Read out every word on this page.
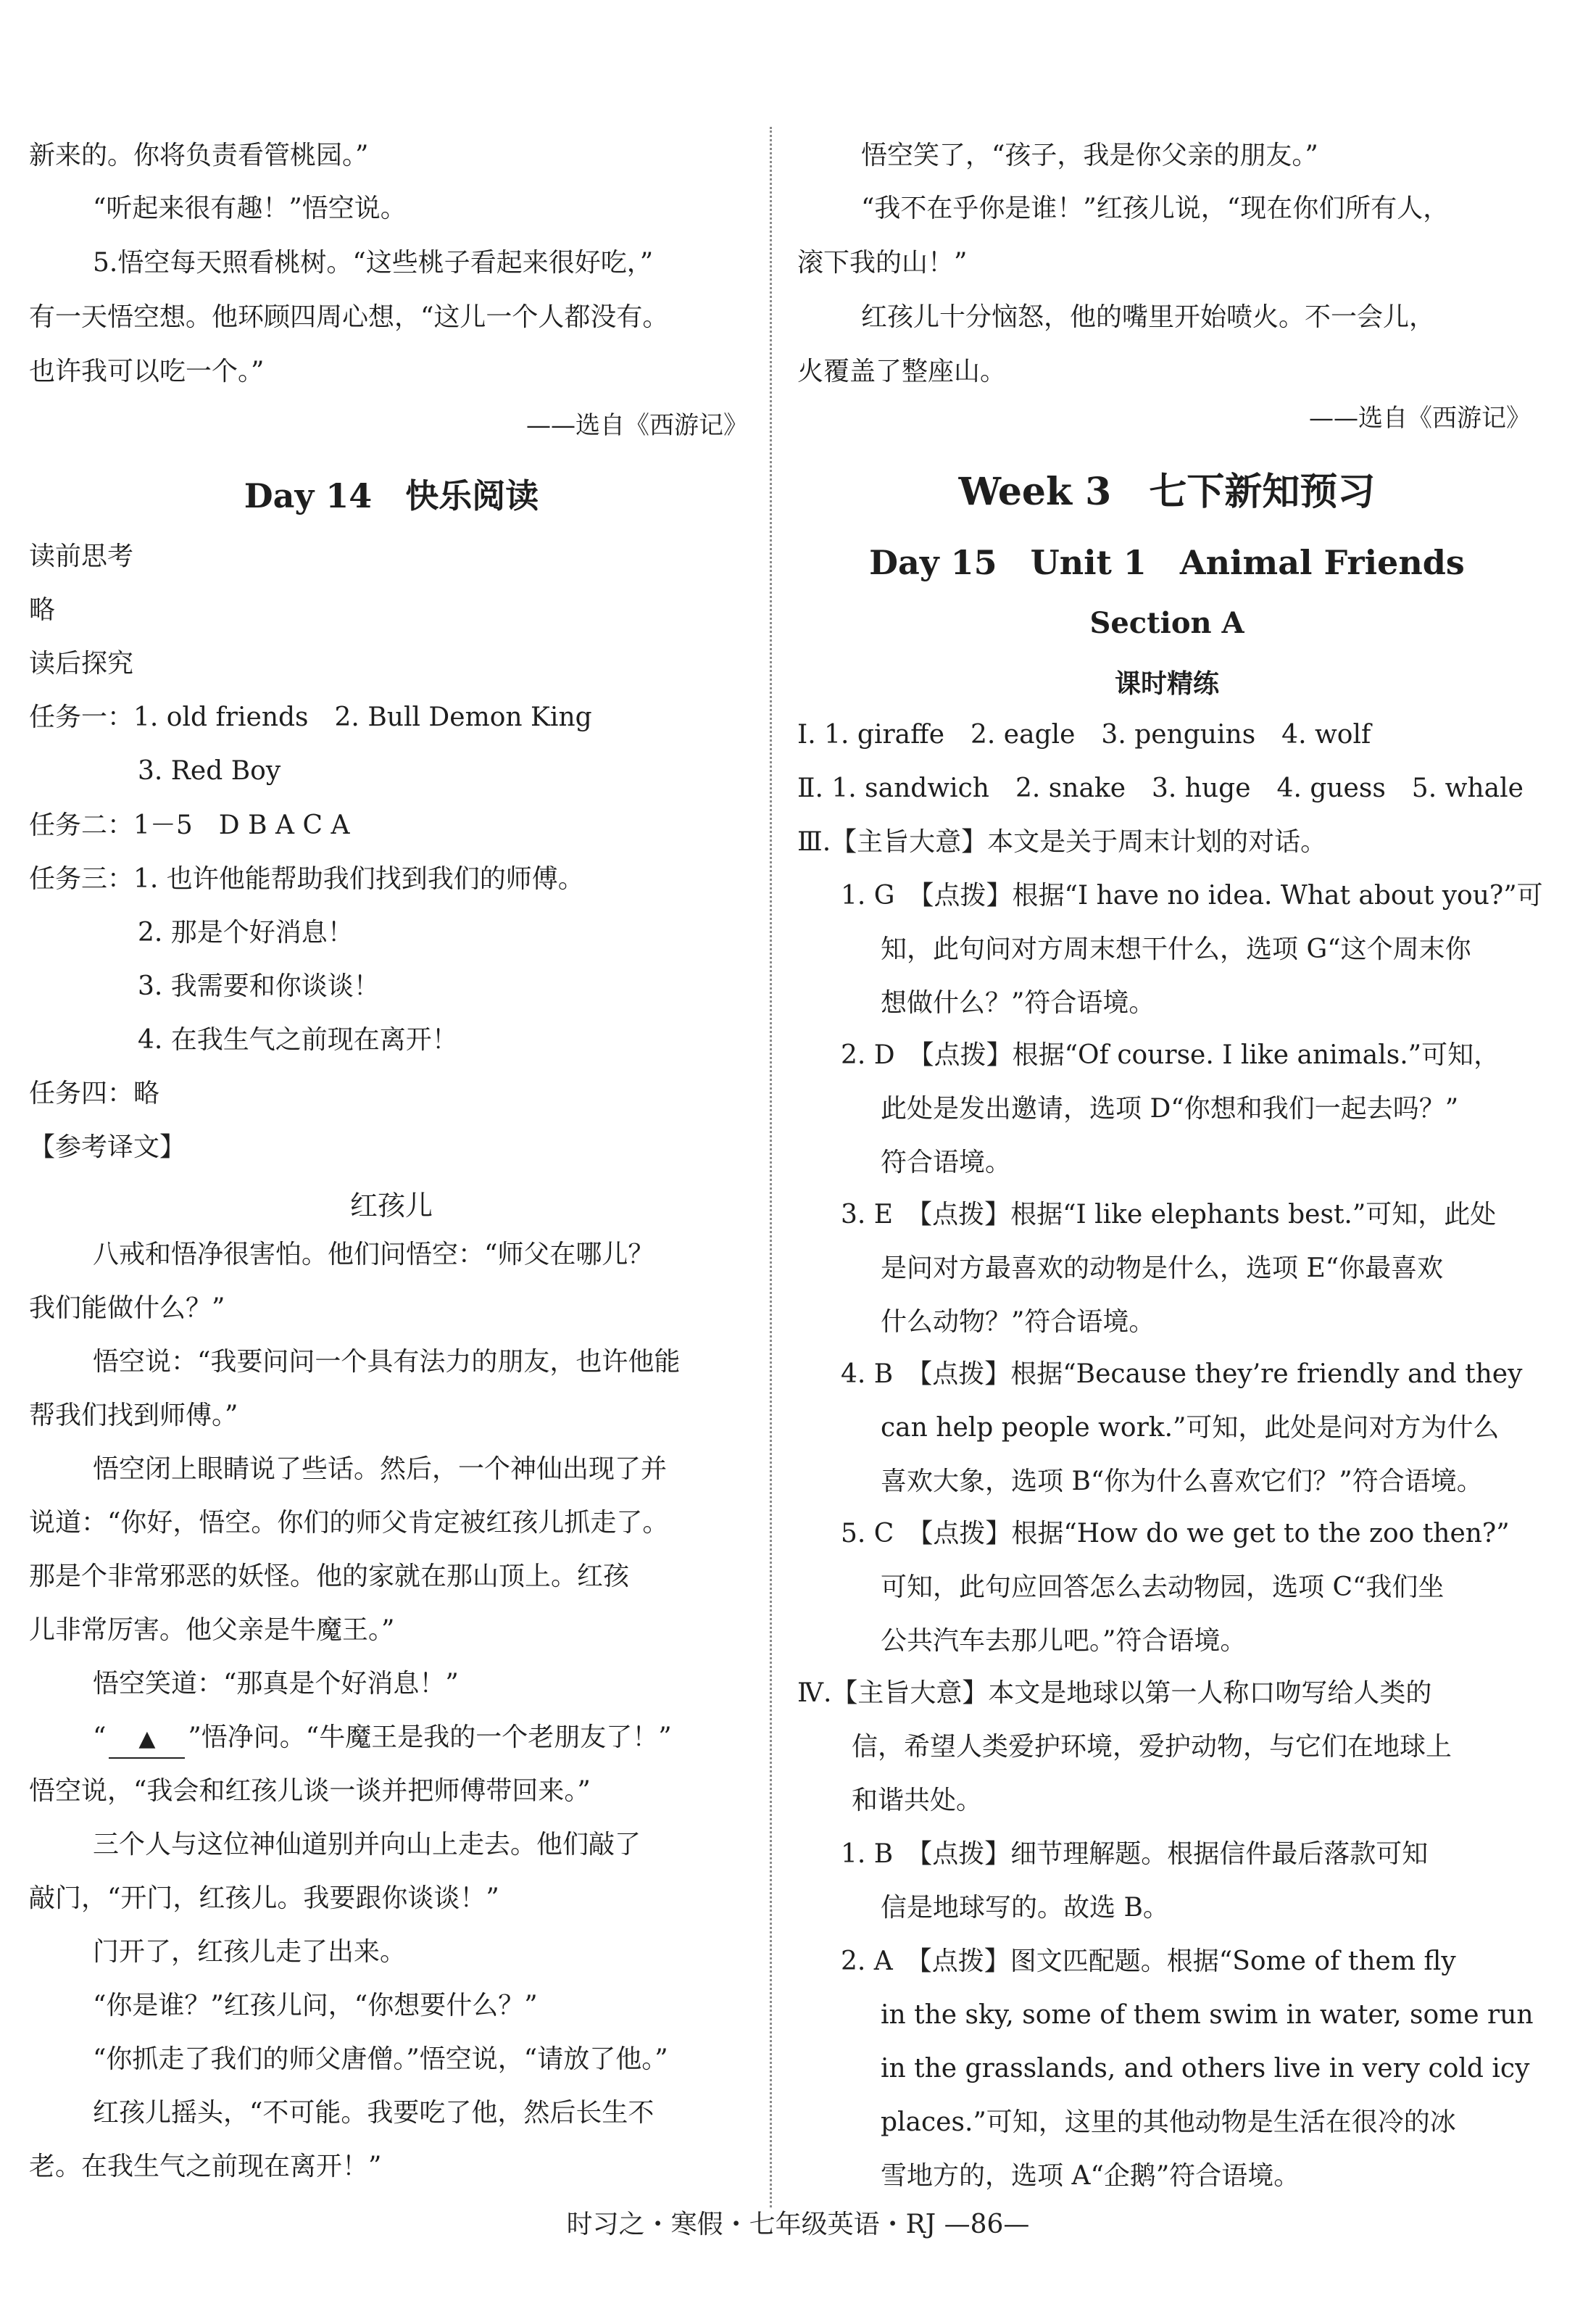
新来的。你将负责看管桃园。”
“听起来很有趣！”悟空说。
5.悟空每天照看桃树。“这些桃子看起来很好吃，”
有一天悟空想。他环顾四周心想，“这儿一个人都没有。
也许我可以吃一个。”
——选自《西游记》
Day 14　快乐阅读
读前思考
略
读后探究
任务一：1. old friends　2. Bull Demon King
3. Red Boy
任务二：1－5　D B A C A
任务三：1. 也许他能帮助我们找到我们的师傅。
2. 那是个好消息！
3. 我需要和你谈谈！
4. 在我生气之前现在离开！
任务四：略
【参考译文】
红孩儿
八戒和悟净很害怕。他们问悟空：“师父在哪儿？
我们能做什么？”
悟空说：“我要问问一个具有法力的朋友，也许他能
帮我们找到师傅。”
悟空闭上眼睛说了些话。然后，一个神仙出现了并
说道：“你好，悟空。你们的师父肯定被红孩儿抓走了。
那是个非常邪恶的妖怪。他的家就在那山顶上。红孩
儿非常厉害。他父亲是牛魔王。”
悟空笑道：“那真是个好消息！”
“ ▲ ”悟净问。“牛魔王是我的一个老朋友了！”
悟空说，“我会和红孩儿谈一谈并把师傅带回来。”
三个人与这位神仙道别并向山上走去。他们敲了
敲门，“开门，红孩儿。我要跟你谈谈！”
门开了，红孩儿走了出来。
“你是谁？”红孩儿问，“你想要什么？”
“你抓走了我们的师父唐僧。”悟空说，“请放了他。”
红孩儿摇头，“不可能。我要吃了他，然后长生不
老。在我生气之前现在离开！”
悟空笑了，“孩子，我是你父亲的朋友。”
“我不在乎你是谁！”红孩儿说，“现在你们所有人，
滚下我的山！”
红孩儿十分恼怒，他的嘴里开始喷火。不一会儿，
火覆盖了整座山。
——选自《西游记》
Week 3　七下新知预习
Day 15　Unit 1　Animal Friends
Section A
课时精练
Ⅰ. 1. giraffe　2. eagle　3. penguins　4. wolf
Ⅱ. 1. sandwich　2. snake　3. huge　4. guess　5. whale
Ⅲ.【主旨大意】本文是关于周末计划的对话。
1. G　【点拨】根据“I have no idea. What about you?”可
知，此句问对方周末想干什么，选项 G“这个周末你
想做什么？”符合语境。
2. D　【点拨】根据“Of course. I like animals.”可知，
此处是发出邀请，选项 D“你想和我们一起去吗？”
符合语境。
3. E　【点拨】根据“I like elephants best.”可知，此处
是问对方最喜欢的动物是什么，选项 E“你最喜欢
什么动物？”符合语境。
4. B　【点拨】根据“Because they’re friendly and they
can help people work.”可知，此处是问对方为什么
喜欢大象，选项 B“你为什么喜欢它们？”符合语境。
5. C　【点拨】根据“How do we get to the zoo then?”
可知，此句应回答怎么去动物园，选项 C“我们坐
公共汽车去那儿吧。”符合语境。
Ⅳ.【主旨大意】本文是地球以第一人称口吻写给人类的
信，希望人类爱护环境，爱护动物，与它们在地球上
和谐共处。
1. B　【点拨】细节理解题。根据信件最后落款可知
信是地球写的。故选 B。
2. A　【点拨】图文匹配题。根据“Some of them fly
in the sky, some of them swim in water, some run
in the grasslands, and others live in very cold icy
places.”可知，这里的其他动物是生活在很冷的冰
雪地方的，选项 A“企鹅”符合语境。
时习之・寒假・七年级英语・RJ —86—
